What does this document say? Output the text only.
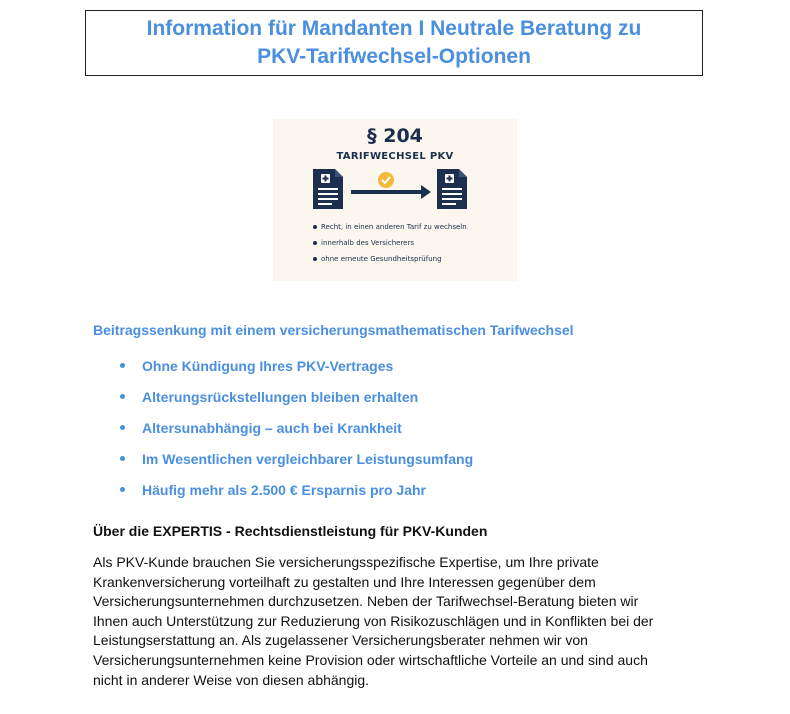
Information für Mandanten I Neutrale Beratung zu
PKV-Tarifwechsel-Optionen
§ 204
TARIFWECHSEL PKV
Recht, in einen anderen Tarif zu wechseln
innerhalb des Versicherers
ohne erneute Gesundheitsprüfung
Beitragssenkung mit einem versicherungsmathematischen Tarifwechsel
Ohne Kündigung Ihres PKV-Vertrages
Alterungsrückstellungen bleiben erhalten
Altersunabhängig – auch bei Krankheit
Im Wesentlichen vergleichbarer Leistungsumfang
Häufig mehr als 2.500 € Ersparnis pro Jahr
Über die EXPERTIS - Rechtsdienstleistung für PKV-Kunden
Als PKV-Kunde brauchen Sie versicherungsspezifische Expertise, um Ihre private
Krankenversicherung vorteilhaft zu gestalten und Ihre Interessen gegenüber dem
Versicherungsunternehmen durchzusetzen. Neben der Tarifwechsel-Beratung bieten wir
Ihnen auch Unterstützung zur Reduzierung von Risikozuschlägen und in Konflikten bei der
Leistungserstattung an. Als zugelassener Versicherungsberater nehmen wir von
Versicherungsunternehmen keine Provision oder wirtschaftliche Vorteile an und sind auch
nicht in anderer Weise von diesen abhängig.
